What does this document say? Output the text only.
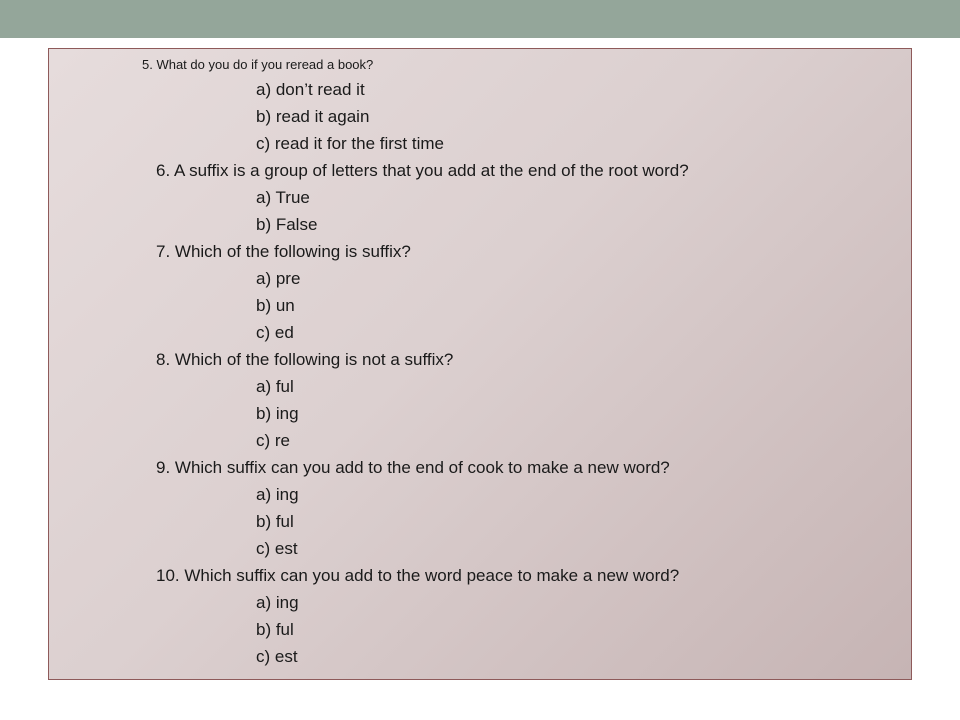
5. What do you do if you reread a book?
a) don’t read it
b) read it again
c) read it for the first time
6. A suffix is a group of letters that you add at the end of the root word?
a) True
b) False
7. Which of the following is suffix?
a) pre
b) un
c) ed
8. Which of the following is not a suffix?
a) ful
b) ing
c) re
9. Which suffix can you add to the end of cook to make a new word?
a) ing
b) ful
c) est
10. Which suffix can you add to the word peace to make a new word?
a) ing
b) ful
c) est
